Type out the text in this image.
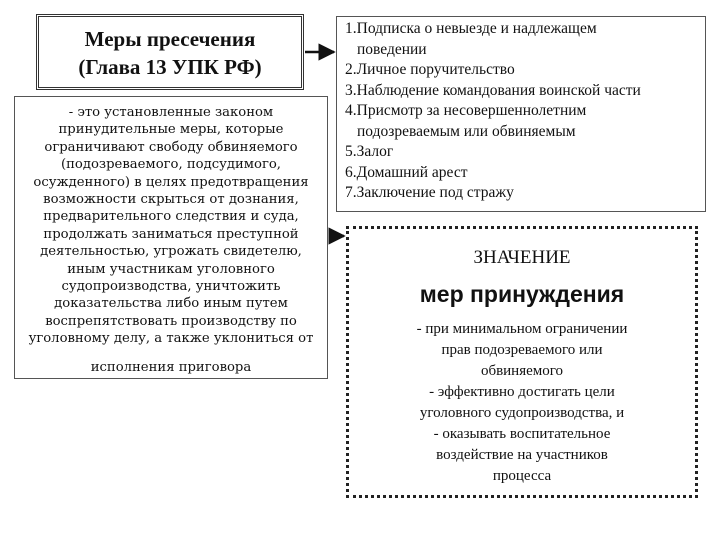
Меры пресечения
(Глава 13 УПК РФ)
- это установленные законом
принудительные меры, которые
ограничивают свободу обвиняемого
(подозреваемого, подсудимого,
осужденного) в целях предотвращения
возможности скрыться от дознания,
предварительного следствия и суда,
продолжать заниматься преступной
деятельностью, угрожать свидетелю,
иным участникам уголовного
судопроизводства, уничтожить
доказательства либо иным путем
воспрепятствовать производству по
уголовному делу, а также уклониться от
исполнения приговора
1.Подписка о невыезде и надлежащем
поведении
2.Личное поручительство
3.Наблюдение командования воинской части
4.Присмотр за несовершеннолетним
подозреваемым или обвиняемым
5.Залог
6.Домашний арест
7.Заключение под стражу
ЗНАЧЕНИЕ
мер принуждения
- при минимальном ограничении
прав подозреваемого или
обвиняемого
- эффективно достигать цели
уголовного судопроизводства, и
- оказывать воспитательное
воздействие на участников
процесса
